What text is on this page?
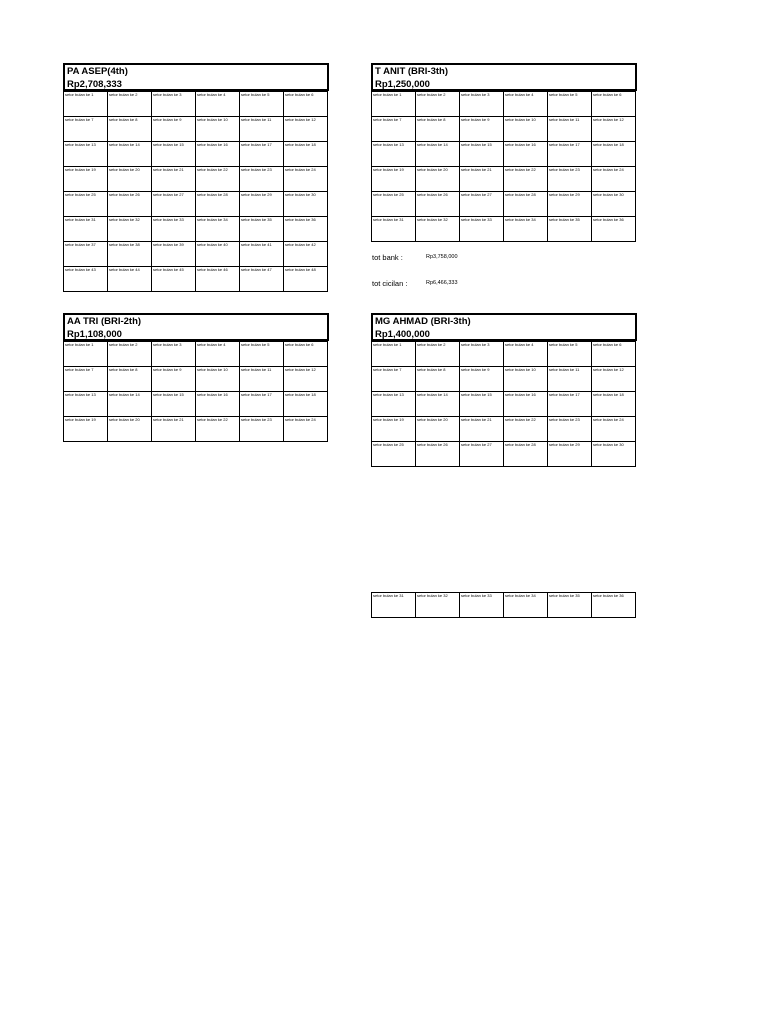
PA ASEP(4th)
Rp2,708,333
setor bulan ke 1	setor bulan ke 2	setor bulan ke 3	setor bulan ke 4	setor bulan ke 5	setor bulan ke 6
setor bulan ke 7	setor bulan ke 8	setor bulan ke 9	setor bulan ke 10	setor bulan ke 11	setor bulan ke 12
setor bulan ke 13	setor bulan ke 14	setor bulan ke 15	setor bulan ke 16	setor bulan ke 17	setor bulan ke 18
setor bulan ke 19	setor bulan ke 20	setor bulan ke 21	setor bulan ke 22	setor bulan ke 23	setor bulan ke 24
setor bulan ke 25	setor bulan ke 26	setor bulan ke 27	setor bulan ke 28	setor bulan ke 29	setor bulan ke 30
setor bulan ke 31	setor bulan ke 32	setor bulan ke 33	setor bulan ke 34	setor bulan ke 35	setor bulan ke 36
setor bulan ke 37	setor bulan ke 38	setor bulan ke 39	setor bulan ke 40	setor bulan ke 41	setor bulan ke 42
setor bulan ke 43	setor bulan ke 44	setor bulan ke 45	setor bulan ke 46	setor bulan ke 47	setor bulan ke 48
T ANIT (BRI-3th)
Rp1,250,000
setor bulan ke 1	setor bulan ke 2	setor bulan ke 3	setor bulan ke 4	setor bulan ke 5	setor bulan ke 6
setor bulan ke 7	setor bulan ke 8	setor bulan ke 9	setor bulan ke 10	setor bulan ke 11	setor bulan ke 12
setor bulan ke 13	setor bulan ke 14	setor bulan ke 15	setor bulan ke 16	setor bulan ke 17	setor bulan ke 18
setor bulan ke 19	setor bulan ke 20	setor bulan ke 21	setor bulan ke 22	setor bulan ke 23	setor bulan ke 24
setor bulan ke 25	setor bulan ke 26	setor bulan ke 27	setor bulan ke 28	setor bulan ke 29	setor bulan ke 30
setor bulan ke 31	setor bulan ke 32	setor bulan ke 33	setor bulan ke 34	setor bulan ke 35	setor bulan ke 36
tot bank :	Rp3,758,000
tot cicilan :	Rp6,466,333
AA TRI (BRI-2th)
Rp1,108,000
setor bulan ke 1	setor bulan ke 2	setor bulan ke 3	setor bulan ke 4	setor bulan ke 5	setor bulan ke 6
setor bulan ke 7	setor bulan ke 8	setor bulan ke 9	setor bulan ke 10	setor bulan ke 11	setor bulan ke 12
setor bulan ke 13	setor bulan ke 14	setor bulan ke 15	setor bulan ke 16	setor bulan ke 17	setor bulan ke 18
setor bulan ke 19	setor bulan ke 20	setor bulan ke 21	setor bulan ke 22	setor bulan ke 23	setor bulan ke 24
MG AHMAD (BRI-3th)
Rp1,400,000
setor bulan ke 1	setor bulan ke 2	setor bulan ke 3	setor bulan ke 4	setor bulan ke 5	setor bulan ke 6
setor bulan ke 7	setor bulan ke 8	setor bulan ke 9	setor bulan ke 10	setor bulan ke 11	setor bulan ke 12
setor bulan ke 13	setor bulan ke 14	setor bulan ke 15	setor bulan ke 16	setor bulan ke 17	setor bulan ke 18
setor bulan ke 19	setor bulan ke 20	setor bulan ke 21	setor bulan ke 22	setor bulan ke 23	setor bulan ke 24
setor bulan ke 25	setor bulan ke 26	setor bulan ke 27	setor bulan ke 28	setor bulan ke 29	setor bulan ke 30
setor bulan ke 31	setor bulan ke 32	setor bulan ke 33	setor bulan ke 34	setor bulan ke 35	setor bulan ke 36
